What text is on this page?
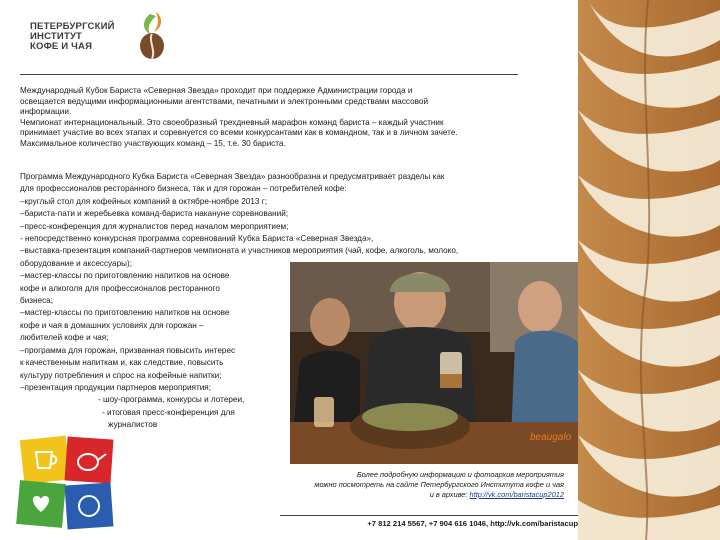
ПЕТЕРБУРГСКИЙ
ИНСТИТУТ
КОФЕ И ЧАЯ
Международный Кубок Бариста «Северная Звезда» проходит при поддержке Администрации города и
освещается ведущими информационными агентствами, печатными и электронными средствами массовой
информации.
Чемпионат интернациональный. Это своеобразный трехдневный марафон команд бариста – каждый участник
принимает участие во всех этапах и соревнуется со всеми конкурсантами как в командном, так и в личном зачете.
Максимальное количество участвующих команд – 15, т.е. 30 бариста.
Программа Международного Кубка Бариста «Северная Звезда» разнообразна и предусматривает разделы как
для профессионалов ресторанного бизнеса, так и для горожан – потребителей кофе:
–круглый стол для кофейных компаний в октябре-ноябре 2013 г;
–бариста-пати и жеребьевка команд-бариста накануне соревнований;
–пресс-конференция для журналистов перед началом мероприятием;
- непосредственно конкурсная программа соревнований Кубка Бариста «Северная Звезда»,
–выставка-презентация компаний-партнеров чемпионата и участников мероприятия (чай, кофе, алкоголь, молоко,
оборудование и аксессуары);
–мастер-классы по приготовлению напитков на основе
кофе и алкоголя для профессионалов ресторанного
бизнеса;
–мастер-классы по приготовлению напитков на основе
кофе и чая в домашних условиях для горожан –
любителей кофе и чая;
–программа для горожан, призванная повысить интерес
к качественным напиткам и, как следствие, повысить
культуру потребления и спрос на кофейные напитки;
–презентация продукции партнеров мероприятия;
- шоу-программа, конкурсы и лотереи,
- итоговая пресс-конференция для
журналистов
beaugalo
Более подробную информацию и фотоархив мероприятия
можно посмотреть на сайте Петербургского Института кофе и чая
и в архиве: http://vk.com/baristacup2012
+7 812 214 5567, +7 904 616 1046, http://vk.com/baristacup
